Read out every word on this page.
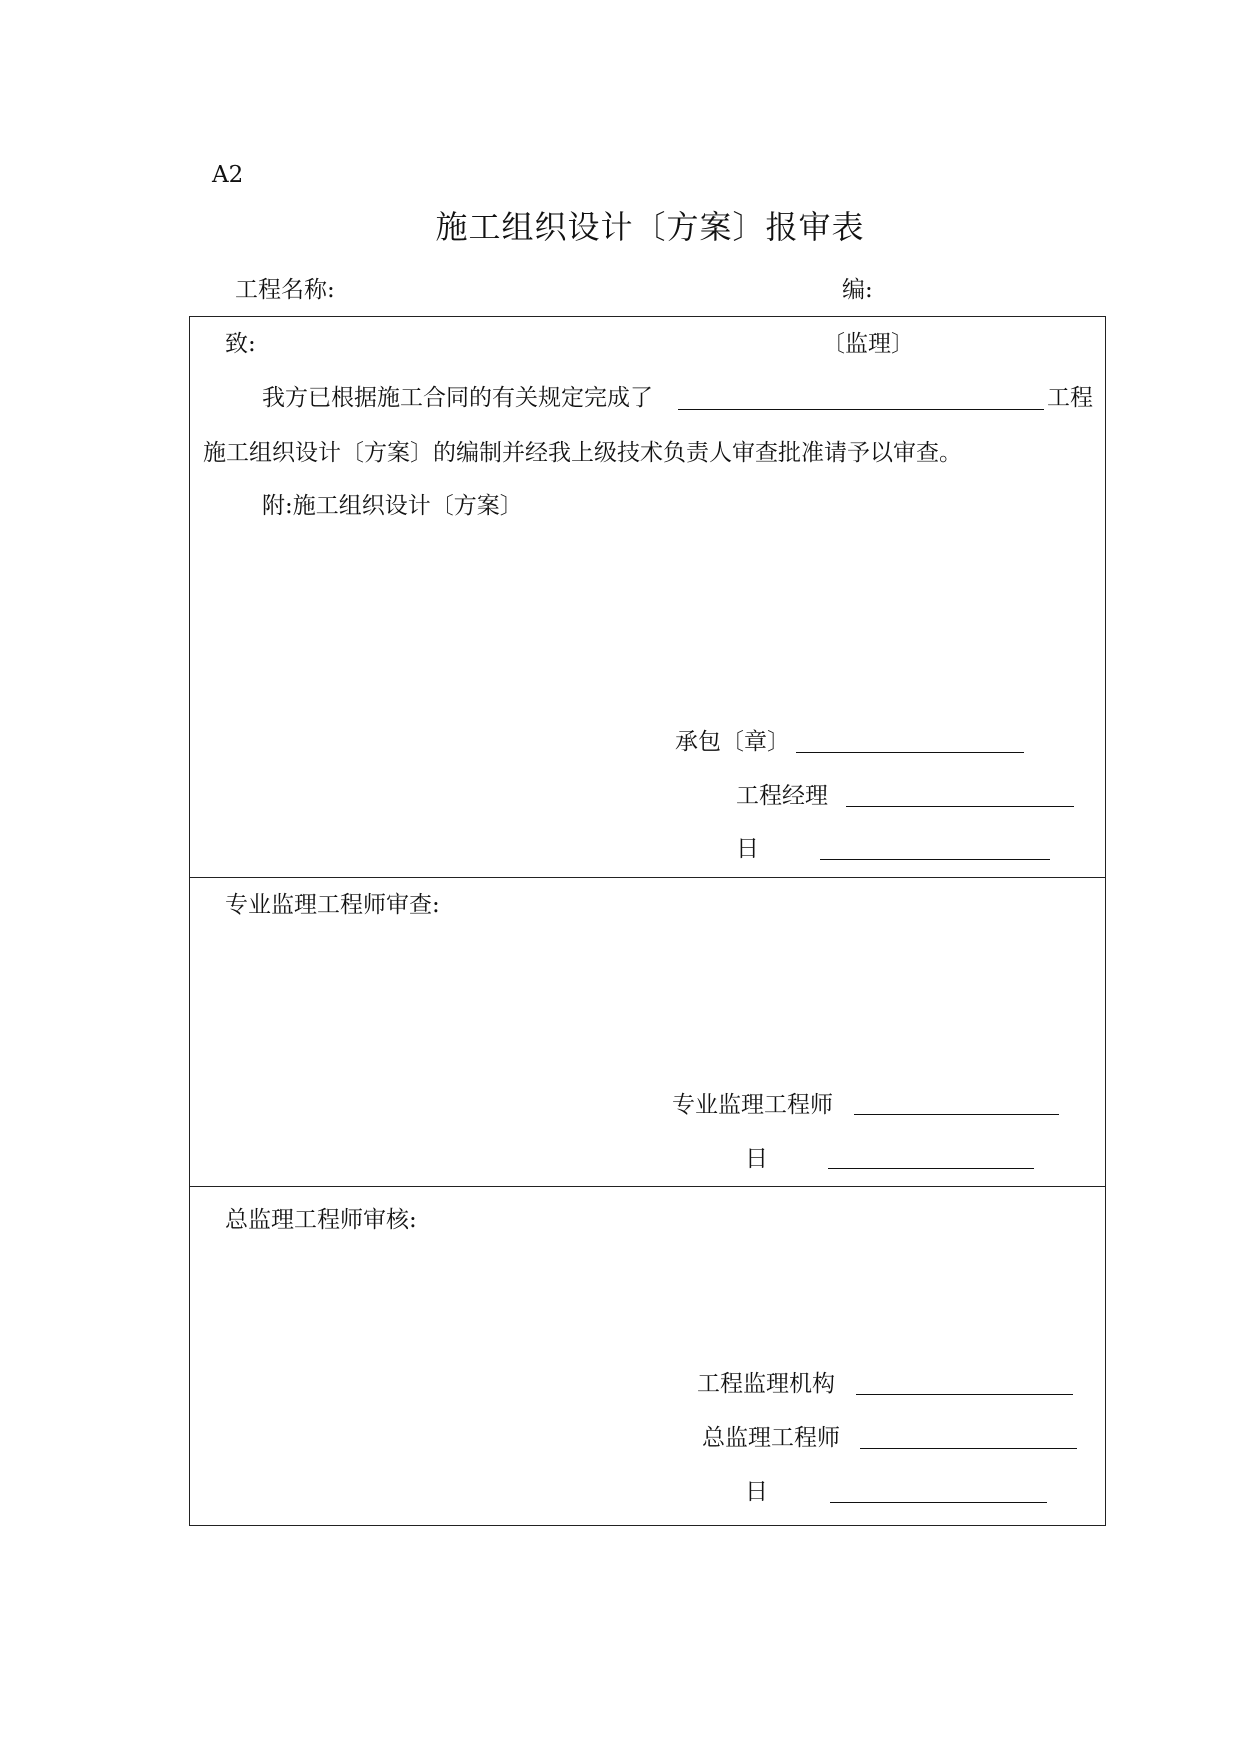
A2
施工组织设计〔方案〕报审表
工程名称:	编:
致:	〔监理〕
我方已根据施工合同的有关规定完成了	工程
施工组织设计〔方案〕的编制并经我上级技术负责人审查批准请予以审查。
附:施工组织设计〔方案〕
承包〔章〕
工程经理
日
专业监理工程师审查:
专业监理工程师
日
总监理工程师审核:
工程监理机构
总监理工程师
日
